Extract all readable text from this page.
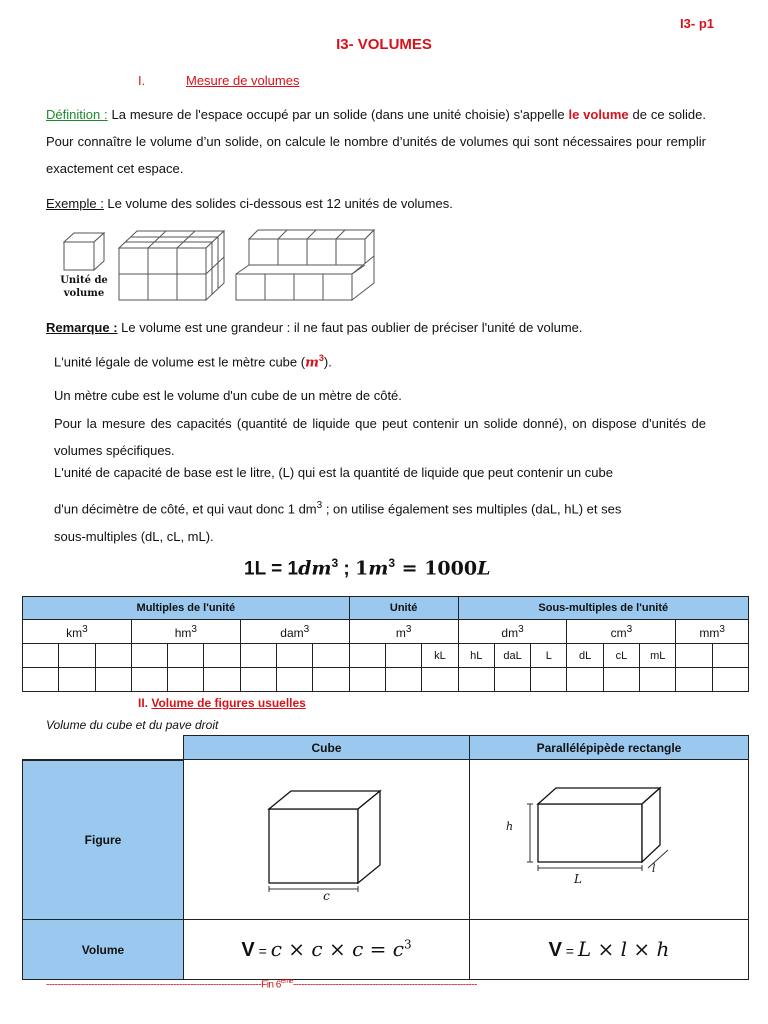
I3- p1
I3- VOLUMES
I.	Mesure de volumes
Définition : La mesure de l'espace occupé par un solide (dans une unité choisie) s'appelle le volume de ce solide. Pour connaître le volume d’un solide, on calcule le nombre d’unités de volumes qui sont nécessaires pour remplir exactement cet espace.
Exemple : Le volume des solides ci-dessous est 12 unités de volumes.
Unité de
volume
Remarque : Le volume est une grandeur : il ne faut pas oublier de préciser l'unité de volume.
L'unité légale de volume est le mètre cube $(m^3)$.
Un mètre cube est le volume d'un cube de un mètre de côté.
Pour la mesure des capacités (quantité de liquide que peut contenir un solide donné), on dispose d'unités de volumes spécifiques.
L'unité de capacité de base est le litre, (L) qui est la quantité de liquide que peut contenir un cube
d'un décimètre de côté, et qui vaut donc 1 $dm^3$ ; on utilise également ses multiples (daL, hL) et ses
sous-multiples (dL, cL, mL).
$1L = 1dm^3$ ; $1m^3 = 1000L$
Multiples de l'unité									Unité			Sous-multiples de l'unité								
$km^3$			$hm^3$			dam$^3$			$m^3$			$dm^3$			$cm^3$			$mm^3$
											kL	hL	daL	L	dL	cL	mL			

II. Volume de figures usuelles
Volume du cube et du pave droit
	Cube	Parallélépipède rectangle
Figure	c	h
L
l

Volume	$V = c \times c \times c = c^3$	V = L × l × h
----------------------------------------------------------------------------Fin 6ème-----------------------------------------------------------------
